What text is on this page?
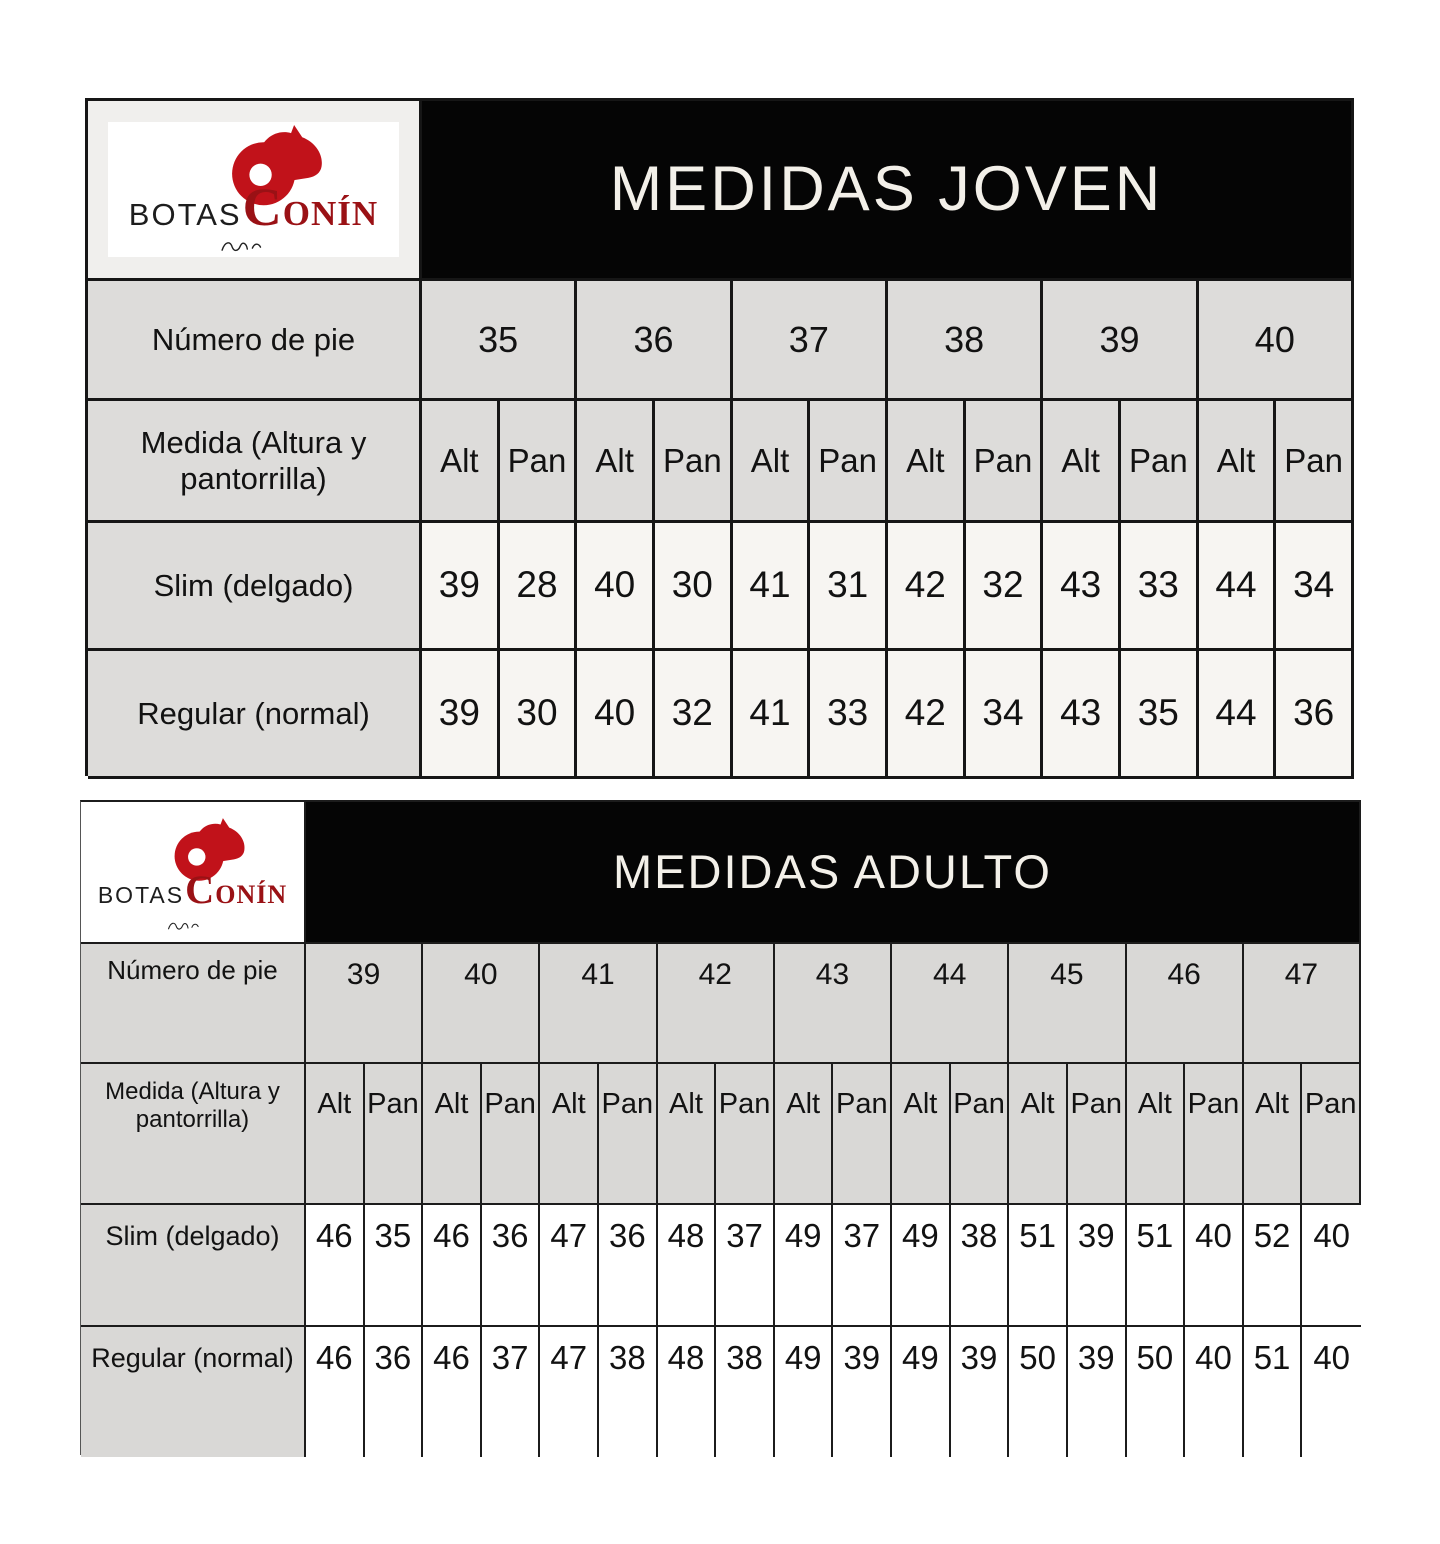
BOTASCONÍN	MEDIDAS JOVEN
Número de pie	35	36	37	38	39	40
Medida (Altura y pantorrilla)	Alt Pan Alt Pan Alt Pan Alt Pan Alt Pan Alt Pan
Slim (delgado)	39 28 40 30 41 31 42 32 43 33 44 34
Regular (normal)	39 30 40 32 41 33 42 34 43 35 44 36
BOTASCONÍN	MEDIDAS ADULTO
Número de pie	39	40	41	42	43	44	45	46	47
Medida (Altura y pantorrilla)	Alt Pan Alt Pan Alt Pan Alt Pan Alt Pan Alt Pan Alt Pan Alt Pan Alt Pan
Slim (delgado)	46 35 46 36 47 36 48 37 49 37 49 38 51 39 51 40 52 40
Regular (normal) 46 36 46 37 47 38 48 38 49 39 49 39 50 39 50 40 51 40
